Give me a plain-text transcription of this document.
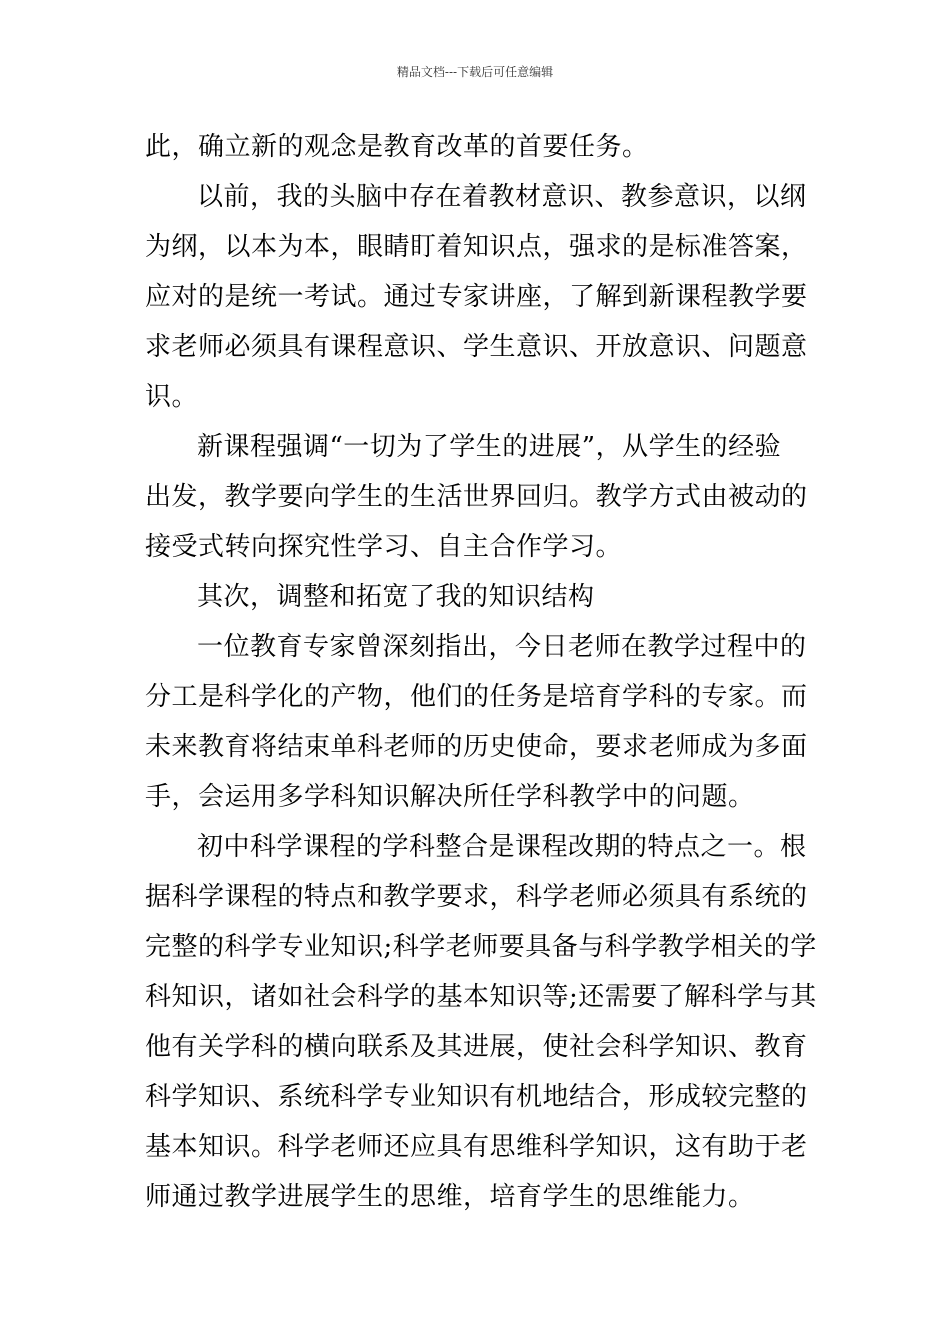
精品文档---下载后可任意编辑
此，确立新的观念是教育改革的首要任务。
以前，我的头脑中存在着教材意识、教参意识，以纲
为纲，以本为本，眼睛盯着知识点，强求的是标准答案，
应对的是统一考试。通过专家讲座，了解到新课程教学要
求老师必须具有课程意识、学生意识、开放意识、问题意
识。
新课程强调“一切为了学生的进展”，从学生的经验
出发，教学要向学生的生活世界回归。教学方式由被动的
接受式转向探究性学习、自主合作学习。
其次，调整和拓宽了我的知识结构
一位教育专家曾深刻指出，今日老师在教学过程中的
分工是科学化的产物，他们的任务是培育学科的专家。而
未来教育将结束单科老师的历史使命，要求老师成为多面
手，会运用多学科知识解决所任学科教学中的问题。
初中科学课程的学科整合是课程改期的特点之一。根
据科学课程的特点和教学要求，科学老师必须具有系统的
完整的科学专业知识;科学老师要具备与科学教学相关的学
科知识，诸如社会科学的基本知识等;还需要了解科学与其
他有关学科的横向联系及其进展，使社会科学知识、教育
科学知识、系统科学专业知识有机地结合，形成较完整的
基本知识。科学老师还应具有思维科学知识，这有助于老
师通过教学进展学生的思维，培育学生的思维能力。
